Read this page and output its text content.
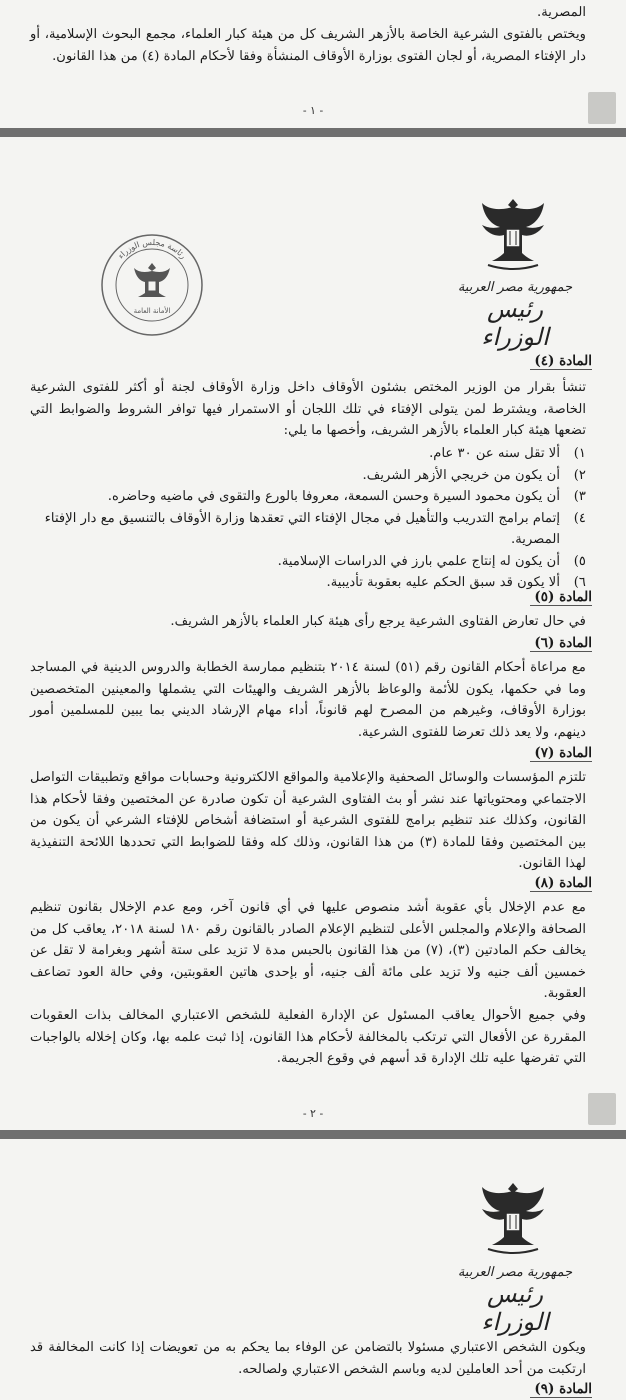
المصرية.
ويختص بالفتوى الشرعية الخاصة بالأزهر الشريف كل من هيئة كبار العلماء، مجمع البحوث الإسلامية، أو دار الإفتاء المصرية، أو لجان الفتوى بوزارة الأوقاف المنشأة وفقا لأحكام المادة (٤) من هذا القانون.
- ١ -
جمهورية مصر العربية
رئيس الوزراء
الأمانة العامة
رئاسة مجلس الوزراء
المادة (٤)
تنشأ بقرار من الوزير المختص بشئون الأوقاف داخل وزارة الأوقاف لجنة أو أكثر للفتوى الشرعية الخاصة، ويشترط لمن يتولى الإفتاء في تلك اللجان أو الاستمرار فيها توافر الشروط والضوابط التي تضعها هيئة كبار العلماء بالأزهر الشريف، وأخصها ما يلي:
١)
ألا تقل سنه عن ٣٠ عام.
٢)
أن يكون من خريجي الأزهر الشريف.
٣)
أن يكون محمود السيرة وحسن السمعة، معروفا بالورع والتقوى في ماضيه وحاضره.
٤)
إتمام برامج التدريب والتأهيل في مجال الإفتاء التي تعقدها وزارة الأوقاف بالتنسيق مع دار الإفتاء المصرية.
٥)
أن يكون له إنتاج علمي بارز في الدراسات الإسلامية.
٦)
ألا يكون قد سبق الحكم عليه بعقوبة تأديبية.
المادة (٥)
في حال تعارض الفتاوى الشرعية يرجع رأى هيئة كبار العلماء بالأزهر الشريف.
المادة (٦)
مع مراعاة أحكام القانون رقم (٥١) لسنة ٢٠١٤ بتنظيم ممارسة الخطابة والدروس الدينية في المساجد وما في حكمها، يكون للأئمة والوعاظ بالأزهر الشريف والهيئات التي يشملها والمعينين المتخصصين بوزارة الأوقاف، وغيرهم من المصرح لهم قانوناً، أداء مهام الإرشاد الديني بما يبين للمسلمين أمور دينهم، ولا يعد ذلك تعرضا للفتوى الشرعية.
المادة (٧)
تلتزم المؤسسات والوسائل الصحفية والإعلامية والمواقع الالكترونية وحسابات مواقع وتطبيقات التواصل الاجتماعي ومحتوياتها عند نشر أو بث الفتاوى الشرعية أن تكون صادرة عن المختصين وفقا لأحكام هذا القانون، وكذلك عند تنظيم برامج للفتوى الشرعية أو استضافة أشخاص للإفتاء الشرعي أن يكون من بين المختصين وفقا للمادة (٣) من هذا القانون، وذلك كله وفقا للضوابط التي تحددها اللائحة التنفيذية لهذا القانون.
المادة (٨)
مع عدم الإخلال بأي عقوبة أشد منصوص عليها في أي قانون آخر، ومع عدم الإخلال بقانون تنظيم الصحافة والإعلام والمجلس الأعلى لتنظيم الإعلام الصادر بالقانون رقم ١٨٠ لسنة ٢٠١٨، يعاقب كل من يخالف حكم المادتين (٣)، (٧) من هذا القانون بالحبس مدة لا تزيد على ستة أشهر وبغرامة لا تقل عن خمسين ألف جنيه ولا تزيد على مائة ألف جنيه، أو بإحدى هاتين العقوبتين، وفي حالة العود تضاعف العقوبة.
وفي جميع الأحوال يعاقب المسئول عن الإدارة الفعلية للشخص الاعتباري المخالف بذات العقوبات المقررة عن الأفعال التي ترتكب بالمخالفة لأحكام هذا القانون، إذا ثبت علمه بها، وكان إخلاله بالواجبات التي تفرضها عليه تلك الإدارة قد أسهم في وقوع الجريمة.
- ٢ -
جمهورية مصر العربية
رئيس الوزراء
ويكون الشخص الاعتباري مسئولا بالتضامن عن الوفاء بما يحكم به من تعويضات إذا كانت المخالفة قد ارتكبت من أحد العاملين لديه وباسم الشخص الاعتباري ولصالحه.
المادة (٩)
